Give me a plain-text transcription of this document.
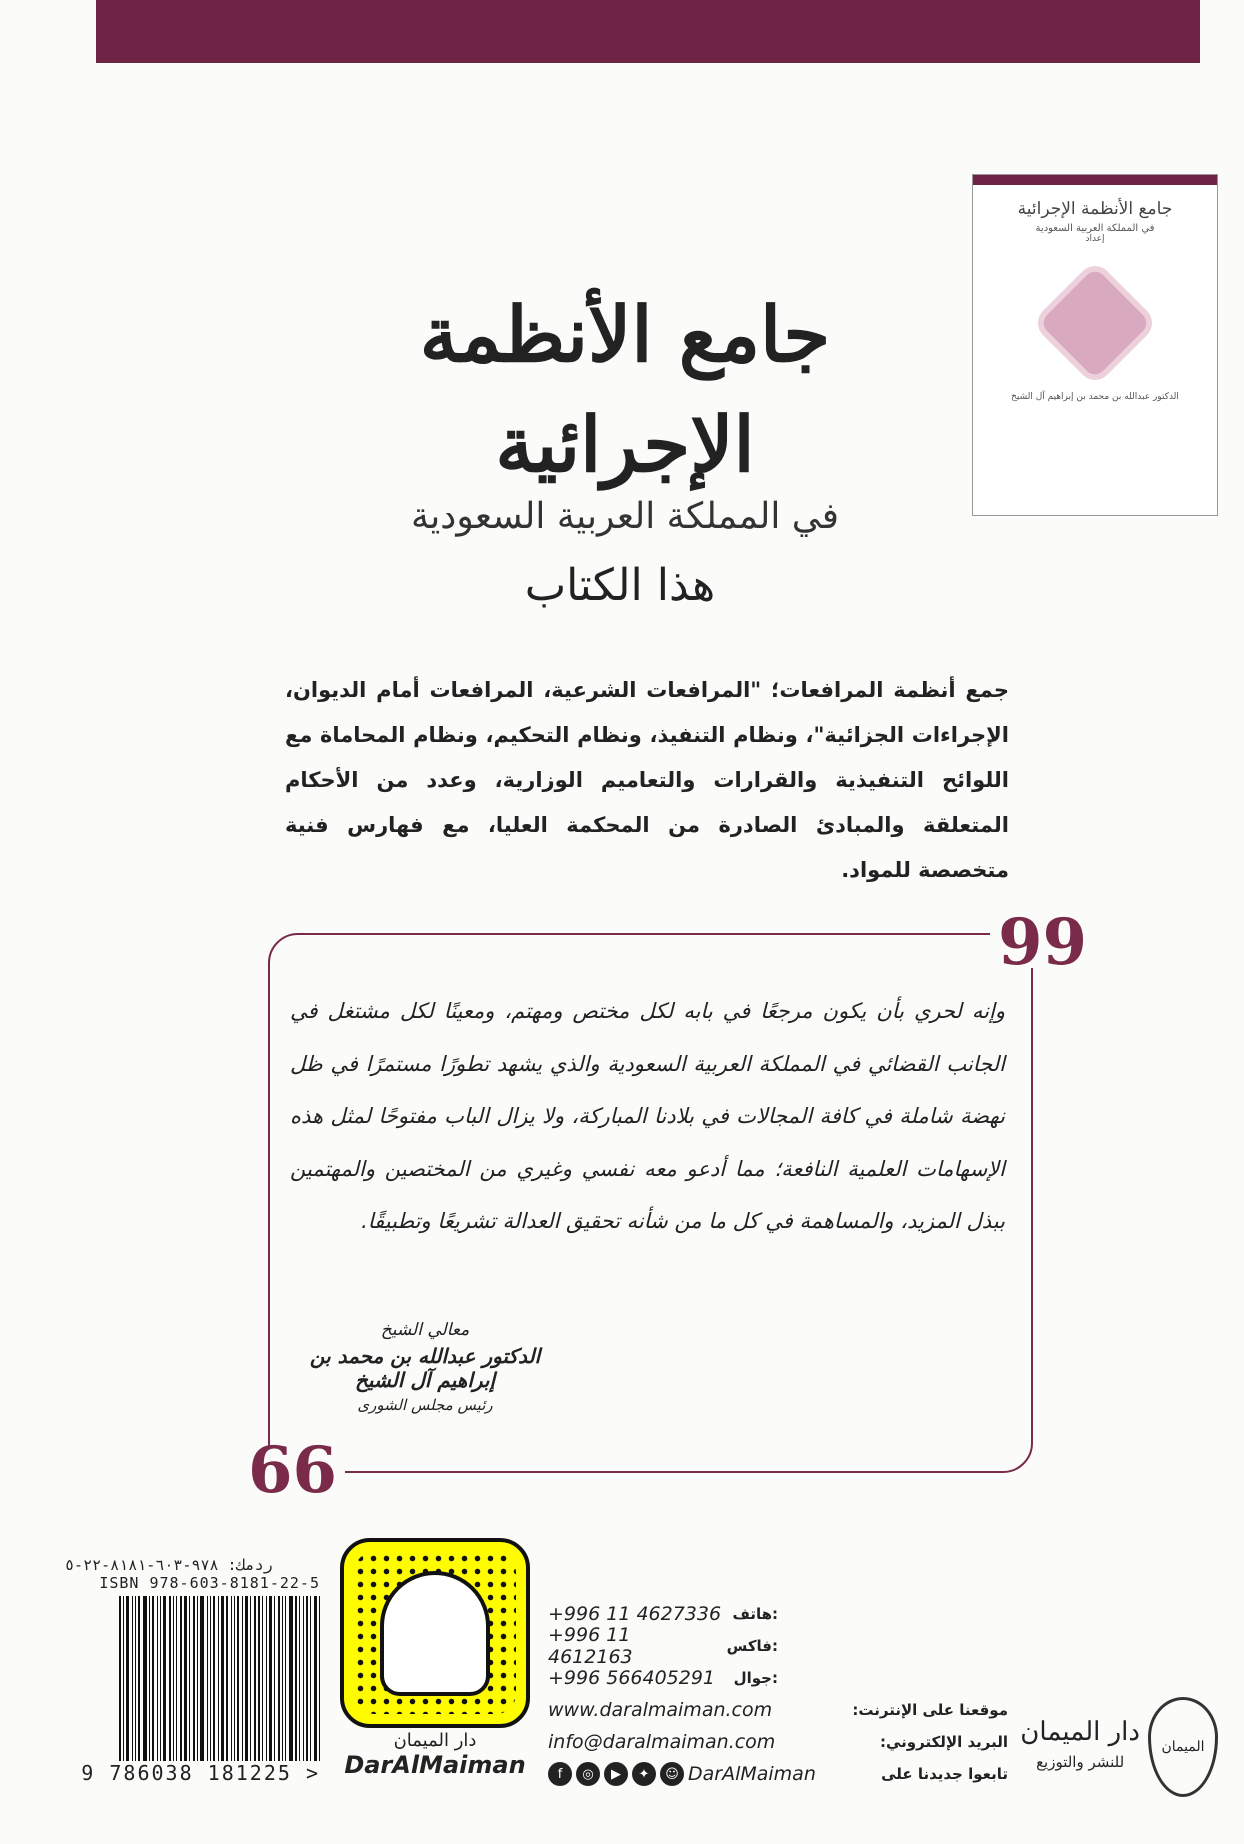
جامع الأنظمة الإجرائية
في المملكة العربية السعودية
إعداد
الدكتور عبدالله بن محمد بن إبراهيم آل الشيخ
جامع الأنظمة الإجرائية
في المملكة العربية السعودية
هذا الكتاب
جمع أنظمة المرافعات؛ "المرافعات الشرعية، المرافعات أمام الديوان، الإجراءات الجزائية"، ونظام التنفيذ، ونظام التحكيم، ونظام المحاماة مع اللوائح التنفيذية والقرارات والتعاميم الوزارية، وعدد من الأحكام المتعلقة والمبادئ الصادرة من المحكمة العليا، مع فهارس فنية متخصصة للمواد.
99
66
وإنه لحري بأن يكون مرجعًا في بابه لكل مختص ومهتم، ومعينًا لكل مشتغل في الجانب القضائي في المملكة العربية السعودية والذي يشهد تطورًا مستمرًا في ظل نهضة شاملة في كافة المجالات في بلادنا المباركة، ولا يزال الباب مفتوحًا لمثل هذه الإسهامات العلمية النافعة؛ مما أدعو معه نفسي وغيري من المختصين والمهتمين ببذل المزيد، والمساهمة في كل ما من شأنه تحقيق العدالة تشريعًا وتطبيقًا.
معالي الشيخ
الدكتور عبدالله بن محمد بن إبراهيم آل الشيخ
رئيس مجلس الشورى
ردمك: ٩٧٨-٦٠٣-٨١٨١-٢٢-٥
ISBN 978-603-8181-22-5
9 786038 181225 >
دار الميمان
DarAlMaiman
+996 11 4627336 هاتف:
+996 11 4612163	فاكس:
+996 566405291 جوال:
www.daralmaiman.com	موقعنا على الإنترنت:
info@daralmaiman.com	البريد الإلكتروني:
f	◎	▶	✦	☺ DarAlMaiman	تابعوا جديدنا على
الميمان
دار الميمان
للنشر والتوزيع
